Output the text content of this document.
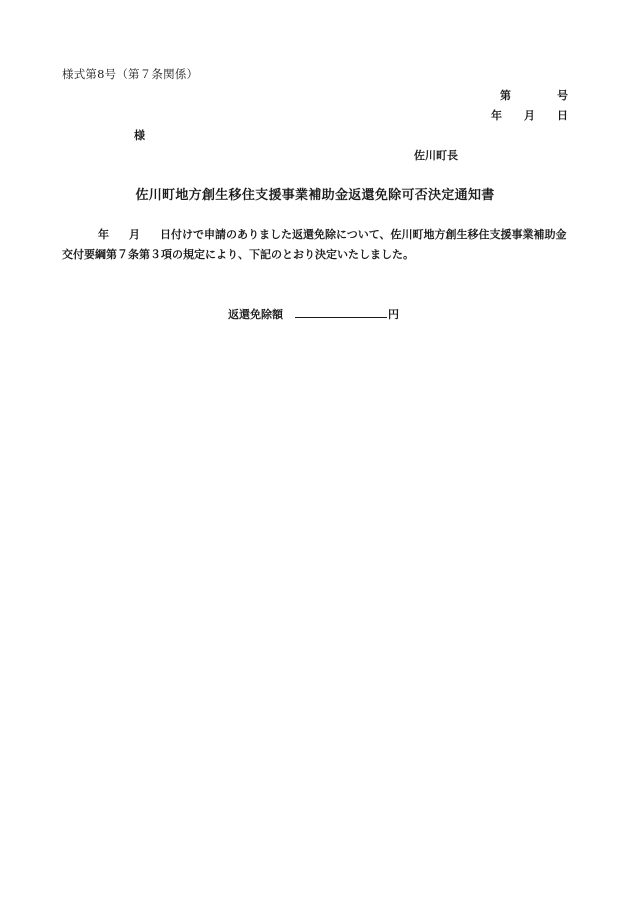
様式第8号（第７条関係）
第	号
年 月 日
様
佐川町長
佐川町地方創生移住支援事業補助金返還免除可否決定通知書
年 月 日付けで申請のありました返還免除について、佐川町地方創生移住支援事業補助金交付要綱第７条第３項の規定により、下記のとおり決定いたしました。
返還免除額	円
